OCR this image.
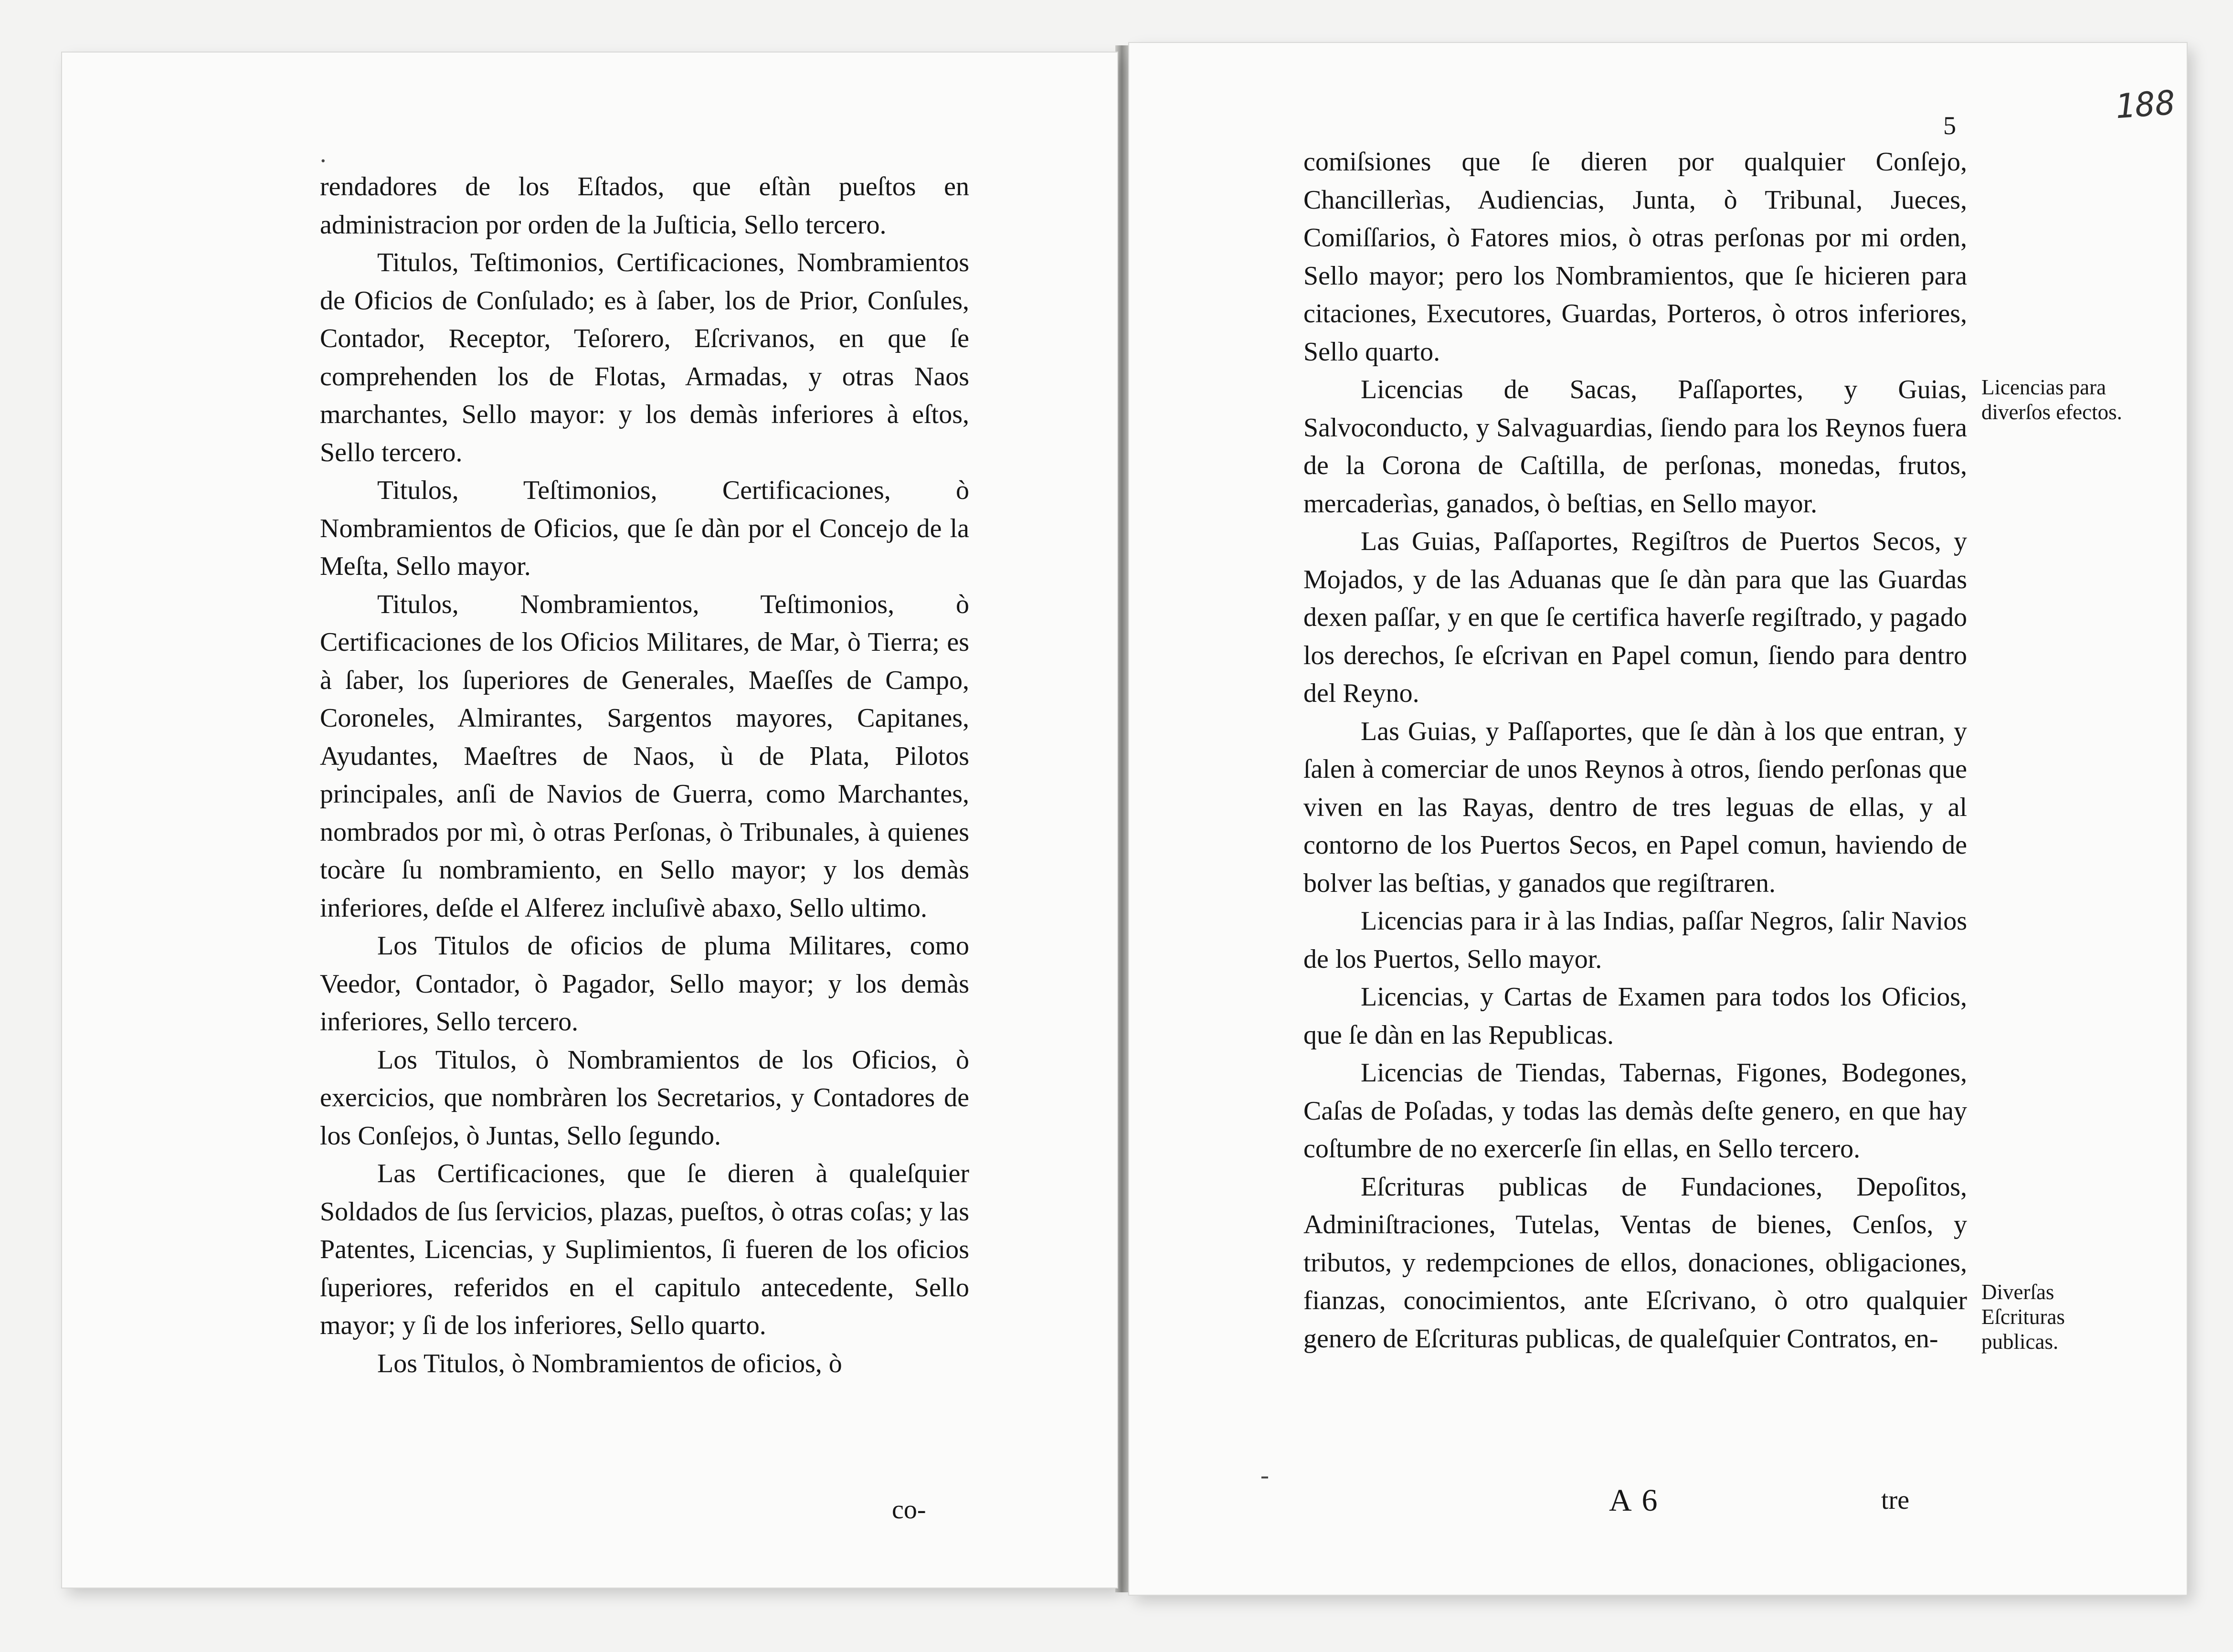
.

rendadores de los Eſtados, que eſtàn pueſtos en administracion por orden de la Juſticia, Sello tercero.

Titulos, Teſtimonios, Certificaciones, Nombramientos de Oficios de Conſulado; es à ſaber, los de Prior, Conſules, Contador, Receptor, Teſorero, Eſcrivanos, en que ſe comprehenden los de Flotas, Armadas, y otras Naos marchantes, Sello mayor: y los demàs inferiores à eſtos, Sello tercero.

Titulos, Teſtimonios, Certificaciones, ò Nombramientos de Oficios, que ſe dàn por el Concejo de la Meſta, Sello mayor.

Titulos, Nombramientos, Teſtimonios, ò Certificaciones de los Oficios Militares, de Mar, ò Tierra; es à ſaber, los ſuperiores de Generales, Maeſſes de Campo, Coroneles, Almirantes, Sargentos mayores, Capitanes, Ayudantes, Maeſtres de Naos, ù de Plata, Pilotos principales, anſi de Navios de Guerra, como Marchantes, nombrados por mì, ò otras Perſonas, ò Tribunales, à quienes tocàre ſu nombramiento, en Sello mayor; y los demàs inferiores, deſde el Alferez incluſivè abaxo, Sello ultimo.

Los Titulos de oficios de pluma Militares, como Veedor, Contador, ò Pagador, Sello mayor; y los demàs inferiores, Sello tercero.

Los Titulos, ò Nombramientos de los Oficios, ò exercicios, que nombràren los Secretarios, y Contadores de los Conſejos, ò Juntas, Sello ſegundo.

Las Certificaciones, que ſe dieren à qualeſquier Soldados de ſus ſervicios, plazas, pueſtos, ò otras coſas; y las Patentes, Licencias, y Suplimientos, ſi fueren de los oficios ſuperiores, referidos en el capitulo antecedente, Sello mayor; y ſi de los inferiores, Sello quarto.

Los Titulos, ò Nombramientos de oficios, ò

co-
5	188

comiſsiones que ſe dieren por qualquier Conſejo, Chancillerìas, Audiencias, Junta, ò Tribunal, Jueces, Comiſſarios, ò Fatores mios, ò otras perſonas por mi orden, Sello mayor; pero los Nombramientos, que ſe hicieren para citaciones, Executores, Guardas, Porteros, ò otros inferiores, Sello quarto.

Licencias de Sacas, Paſſaportes, y Guias, Salvoconducto, y Salvaguardias, ſiendo para los Reynos fuera de la Corona de Caſtilla, de perſonas, monedas, frutos, mercaderìas, ganados, ò beſtias, en Sello mayor.

Las Guias, Paſſaportes, Regiſtros de Puertos Secos, y Mojados, y de las Aduanas que ſe dàn para que las Guardas dexen paſſar, y en que ſe certifica haverſe regiſtrado, y pagado los derechos, ſe eſcrivan en Papel comun, ſiendo para dentro del Reyno.

Las Guias, y Paſſaportes, que ſe dàn à los que entran, y ſalen à comerciar de unos Reynos à otros, ſiendo perſonas que viven en las Rayas, dentro de tres leguas de ellas, y al contorno de los Puertos Secos, en Papel comun, haviendo de bolver las beſtias, y ganados que regiſtraren.

Licencias para ir à las Indias, paſſar Negros, ſalir Navios de los Puertos, Sello mayor.

Licencias, y Cartas de Examen para todos los Oficios, que ſe dàn en las Republicas.

Licencias de Tiendas, Tabernas, Figones, Bodegones, Caſas de Poſadas, y todas las demàs deſte genero, en que hay coſtumbre de no exercerſe ſin ellas, en Sello tercero.

Eſcrituras publicas de Fundaciones, Depoſitos, Adminiſtraciones, Tutelas, Ventas de bienes, Cenſos, y tributos, y redempciones de ellos, donaciones, obligaciones, fianzas, conocimientos, ante Eſcrivano, ò otro qualquier genero de Eſcrituras publicas, de qualeſquier Contratos, en-

Licencias para diverſos efectos.
Diverſas Eſcrituras publicas.
-
A 6	tre
